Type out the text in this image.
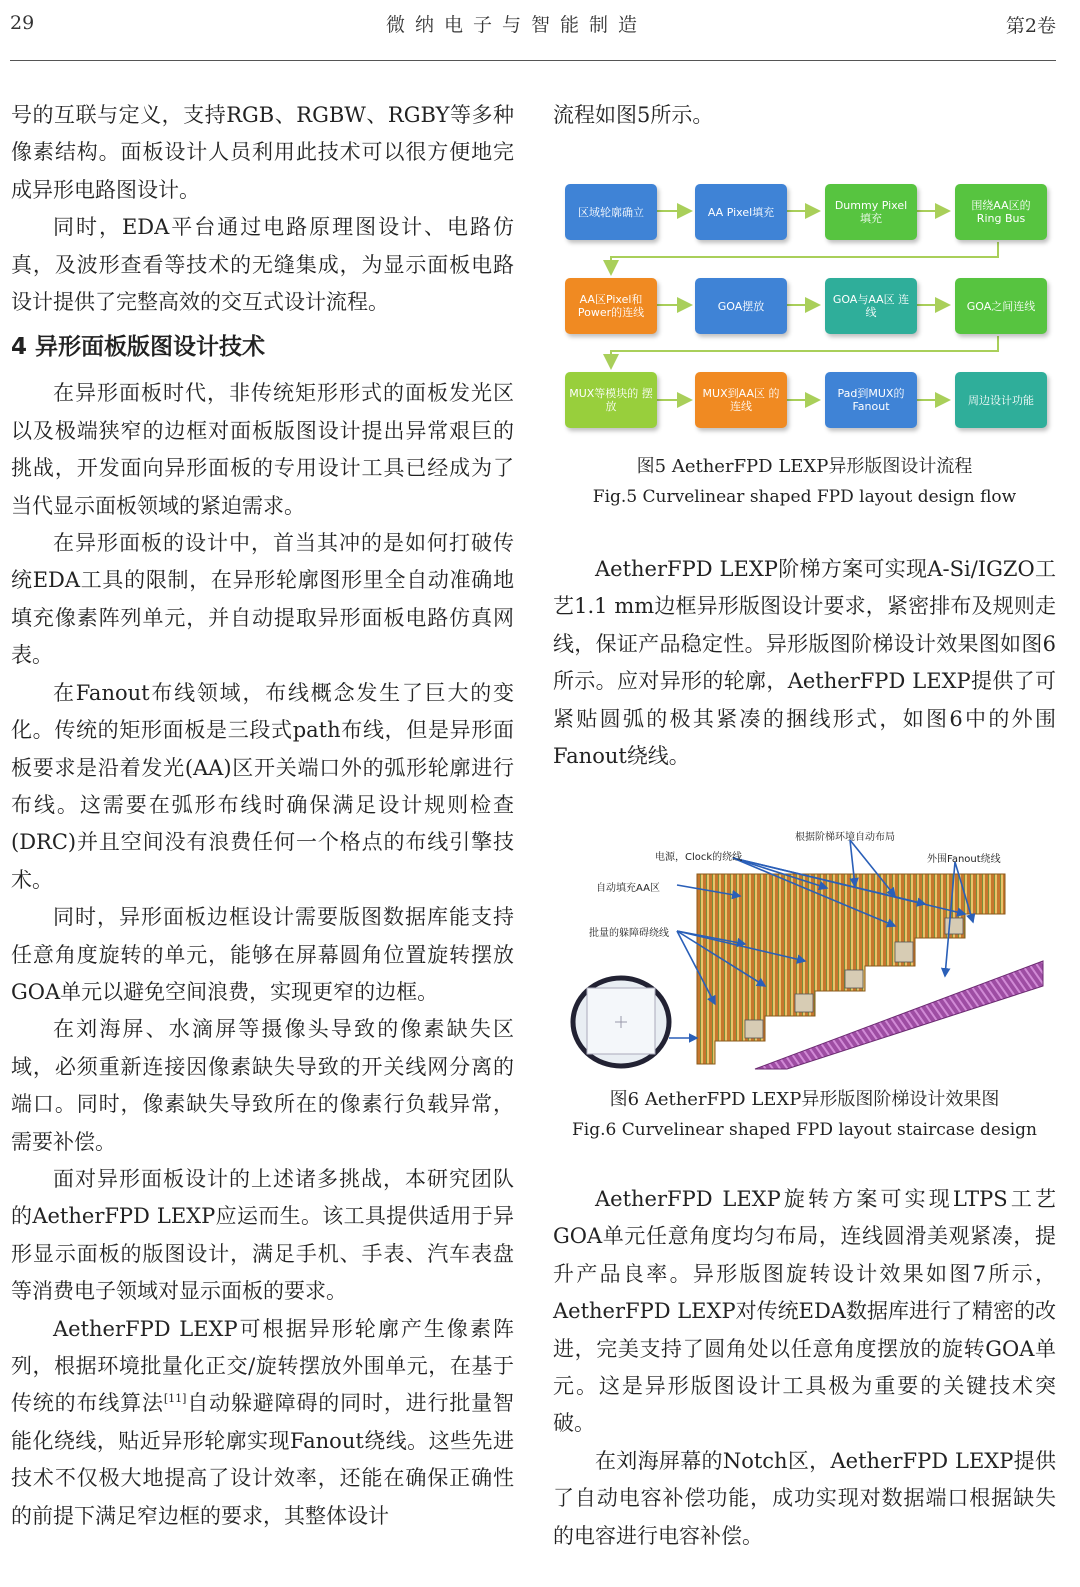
29	微纳电子与智能制造	第2卷

号的互联与定义，支持RGB、RGBW、RGBY等多种像素结构。面板设计人员利用此技术可以很方便地完成异形电路图设计。

同时，EDA平台通过电路原理图设计、电路仿真，及波形查看等技术的无缝集成，为显示面板电路设计提供了完整高效的交互式设计流程。

4 异形面板版图设计技术

在异形面板时代，非传统矩形形式的面板发光区以及极端狭窄的边框对面板版图设计提出异常艰巨的挑战，开发面向异形面板的专用设计工具已经成为了当代显示面板领域的紧迫需求。

在异形面板的设计中，首当其冲的是如何打破传统EDA工具的限制，在异形轮廓图形里全自动准确地填充像素阵列单元，并自动提取异形面板电路仿真网表。

在Fanout布线领域，布线概念发生了巨大的变化。传统的矩形面板是三段式path布线，但是异形面板要求是沿着发光(AA)区开关端口外的弧形轮廓进行布线。这需要在弧形布线时确保满足设计规则检查(DRC)并且空间没有浪费任何一个格点的布线引擎技术。

同时，异形面板边框设计需要版图数据库能支持任意角度旋转的单元，能够在屏幕圆角位置旋转摆放GOA单元以避免空间浪费，实现更窄的边框。

在刘海屏、水滴屏等摄像头导致的像素缺失区域，必须重新连接因像素缺失导致的开关线网分离的端口。同时，像素缺失导致所在的像素行负载异常，需要补偿。

面对异形面板设计的上述诸多挑战，本研究团队的AetherFPD LEXP应运而生。该工具提供适用于异形显示面板的版图设计，满足手机、手表、汽车表盘等消费电子领域对显示面板的要求。

AetherFPD LEXP可根据异形轮廓产生像素阵列，根据环境批量化正交/旋转摆放外围单元，在基于传统的布线算法[11]自动躲避障碍的同时，进行批量智能化绕线，贴近异形轮廓实现Fanout绕线。这些先进技术不仅极大地提高了设计效率，还能在确保正确性的前提下满足窄边框的要求，其整体设计

流程如图5所示。

区域轮廓确立	AA Pixel填充	Dummy Pixel 填充
围绕AA区的 Ring Bus
AA区Pixel和 Power的连线	GOA摆放	GOA与AA区 连线	GOA之间连线
MUX等模块的 摆放
MUX到AA区 的连线
Pad到MUX的 Fanout	周边设计功能
图5 AetherFPD LEXP异形版图设计流程
Fig.5 Curvelinear shaped FPD layout design flow

AetherFPD LEXP阶梯方案可实现A-Si/IGZO工艺1.1 mm边框异形版图设计要求，紧密排布及规则走线，保证产品稳定性。异形版图阶梯设计效果图如图6所示。应对异形的轮廓，AetherFPD LEXP提供了可紧贴圆弧的极其紧凑的捆线形式，如图6中的外围Fanout绕线。

根据阶梯环境自动布局
电源，Clock的绕线	外围Fanout绕线
自动填充AA区
批量的躲障碍绕线
图6 AetherFPD LEXP异形版图阶梯设计效果图
Fig.6 Curvelinear shaped FPD layout staircase design

AetherFPD LEXP旋转方案可实现LTPS工艺GOA单元任意角度均匀布局，连线圆滑美观紧凑，提升产品良率。异形版图旋转设计效果如图7所示，AetherFPD LEXP对传统EDA数据库进行了精密的改进，完美支持了圆角处以任意角度摆放的旋转GOA单元。这是异形版图设计工具极为重要的关键技术突破。

在刘海屏幕的Notch区，AetherFPD LEXP提供了自动电容补偿功能，成功实现对数据端口根据缺失的电容进行电容补偿。
